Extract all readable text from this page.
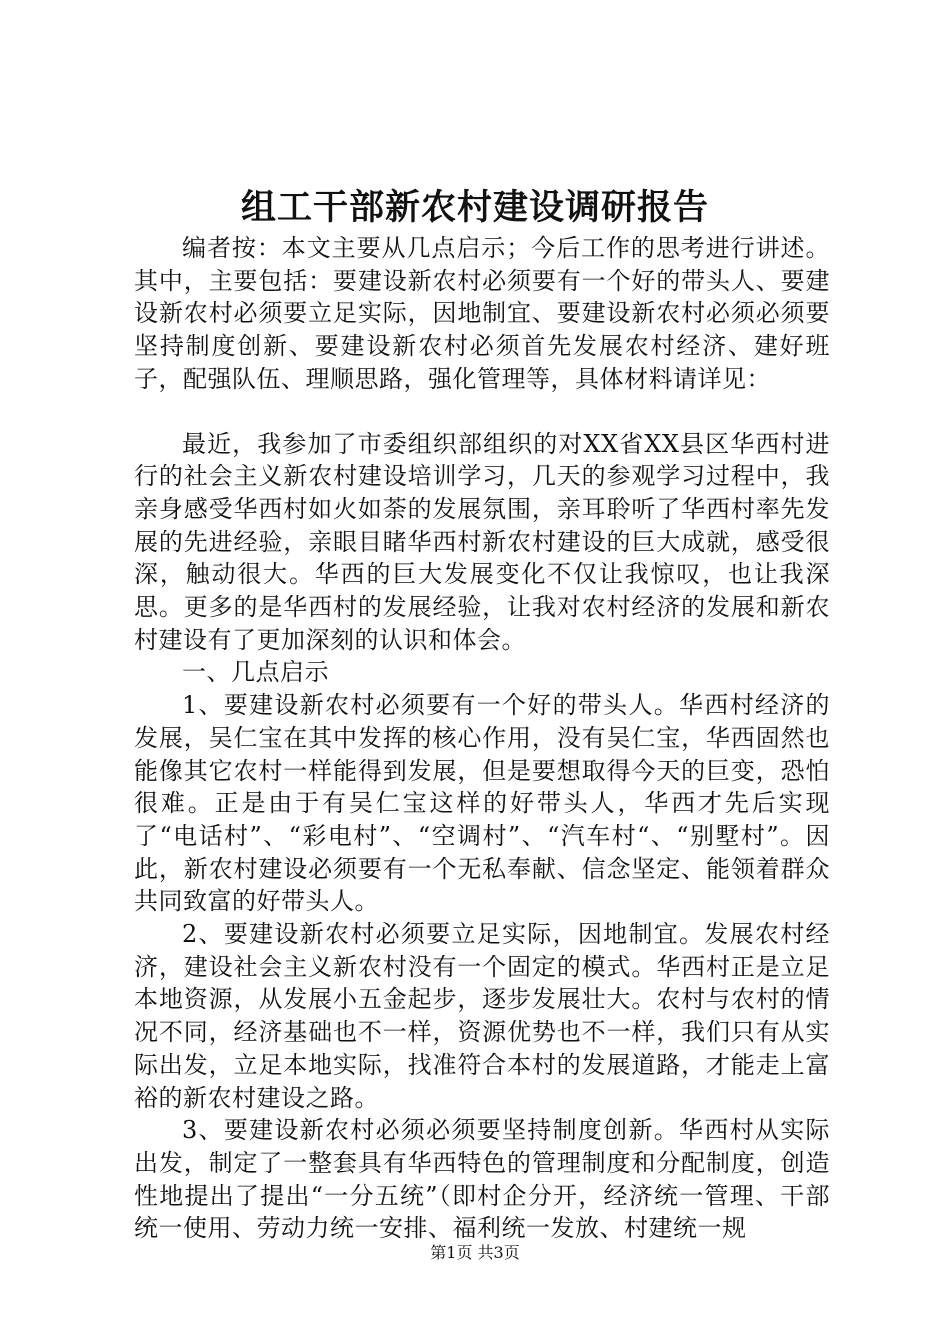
组工干部新农村建设调研报告

编者按：本文主要从几点启示；今后工作的思考进行讲述。其中，主要包括：要建设新农村必须要有一个好的带头人、要建设新农村必须要立足实际，因地制宜、要建设新农村必须必须要坚持制度创新、要建设新农村必须首先发展农村经济、建好班子，配强队伍、理顺思路，强化管理等，具体材料请详见：

最近，我参加了市委组织部组织的对XX省XX县区华西村进行的社会主义新农村建设培训学习，几天的参观学习过程中，我亲身感受华西村如火如荼的发展氛围，亲耳聆听了华西村率先发展的先进经验，亲眼目睹华西村新农村建设的巨大成就，感受很深，触动很大。华西的巨大发展变化不仅让我惊叹，也让我深思。更多的是华西村的发展经验，让我对农村经济的发展和新农村建设有了更加深刻的认识和体会。

一、几点启示

1、要建设新农村必须要有一个好的带头人。华西村经济的发展，吴仁宝在其中发挥的核心作用，没有吴仁宝，华西固然也能像其它农村一样能得到发展，但是要想取得今天的巨变，恐怕很难。正是由于有吴仁宝这样的好带头人，华西才先后实现了“电话村”、“彩电村”、“空调村”、“汽车村“、“别墅村”。因此，新农村建设必须要有一个无私奉献、信念坚定、能领着群众共同致富的好带头人。

2、要建设新农村必须要立足实际，因地制宜。发展农村经济，建设社会主义新农村没有一个固定的模式。华西村正是立足本地资源，从发展小五金起步，逐步发展壮大。农村与农村的情况不同，经济基础也不一样，资源优势也不一样，我们只有从实际出发，立足本地实际，找准符合本村的发展道路，才能走上富裕的新农村建设之路。

3、要建设新农村必须必须要坚持制度创新。华西村从实际出发，制定了一整套具有华西特色的管理制度和分配制度，创造性地提出了提出“一分五统”（即村企分开，经济统一管理、干部统一使用、劳动力统一安排、福利统一发放、村建统一规

第1页 共3页
